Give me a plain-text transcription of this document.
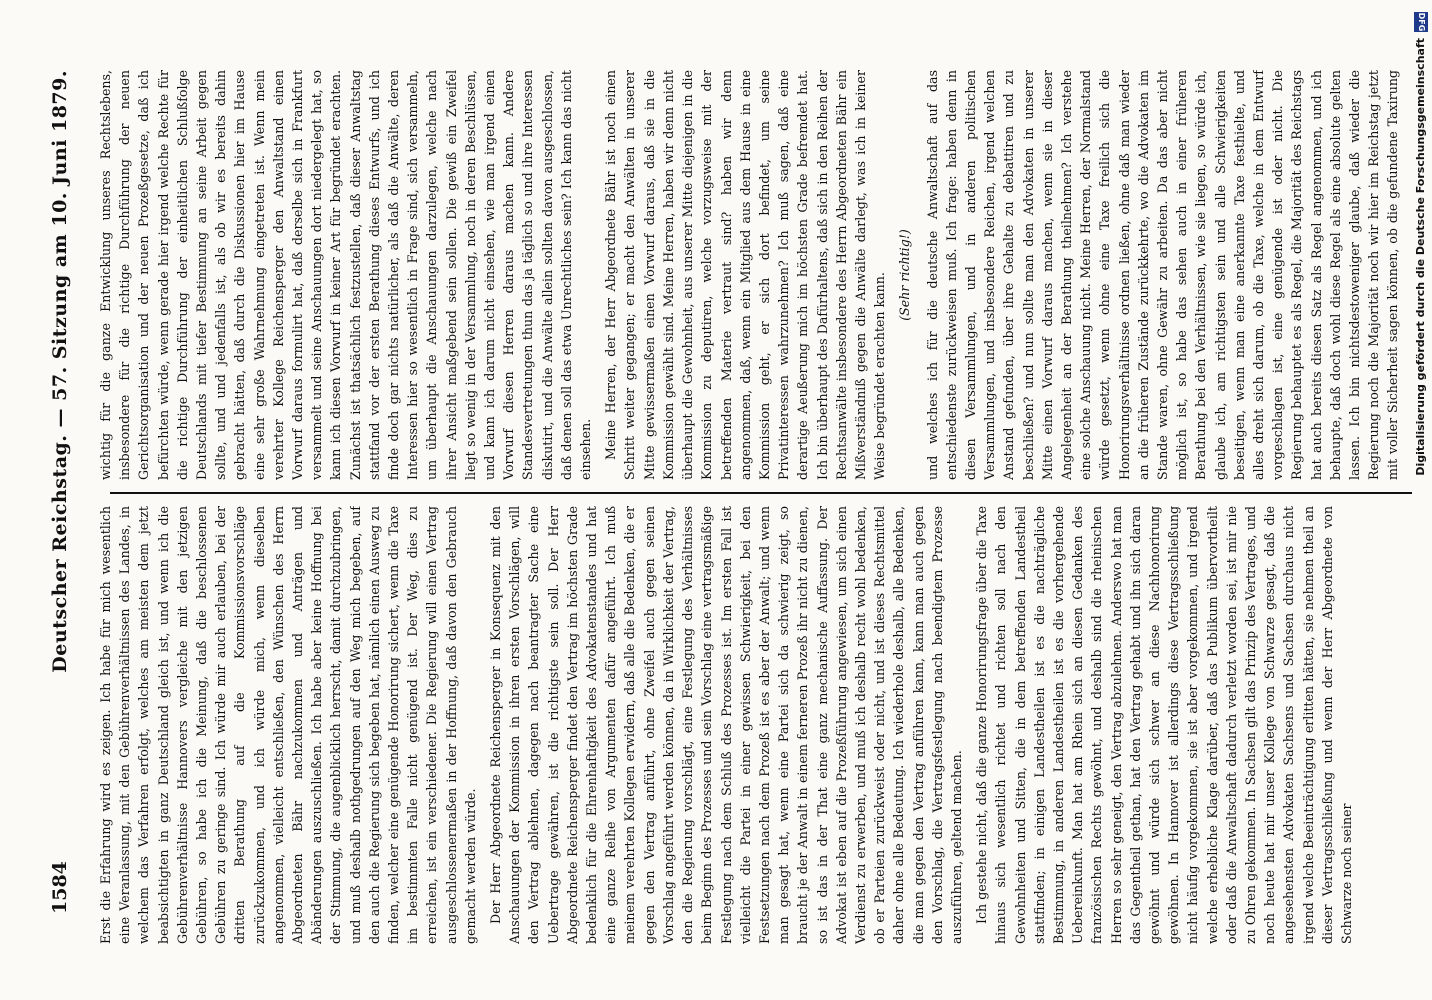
DFG
Digitalisierung gefördert durch die Deutsche Forschungsgemeinschaft

wichtig für die ganze Entwicklung unseres Rechtslebens, insbesondere für die richtige Durchführung der neuen Gerichtsorganisation und der neuen Prozeßgesetze, daß ich befürchten würde, wenn gerade hier irgend welche Rechte für die richtige Durchführung der einheitlichen Schlußfolge Deutschlands mit tiefer Bestimmung an seine Arbeit gegen sollte, und und jedenfalls ist, als ob wir es bereits dahin gebracht hätten, daß durch die Diskussionen hier im Hause eine sehr große Wahrnehmung eingetreten ist. Wenn mein verehrter Kollege Reichensperger den Anwaltstand einen Vorwurf daraus formulirt hat, daß derselbe sich in Frankfurt versammelt und seine Anschauungen dort niedergelegt hat, so kann ich diesen Vorwurf in keiner Art für begründet erachten. Zunächst ist thatsächlich festzustellen, daß dieser Anwaltstag stattfand vor der ersten Berathung dieses Entwurfs, und ich finde doch gar nichts natürlicher, als daß die Anwälte, deren Interessen hier so wesentlich in Frage sind, sich versammeln, um überhaupt die Anschauungen darzulegen, welche nach ihrer Ansicht maßgebend sein sollen. Die gewiß ein Zweifel liegt so wenig in der Versammlung, noch in deren Beschlüssen, und kann ich darum nicht einsehen, wie man irgend einen Vorwurf diesen Herren daraus machen kann. Andere Standesvertretungen thun das ja täglich so und ihre Interessen diskutirt, und die Anwälte allein sollten davon ausgeschlossen, daß denen soll das etwa Unrechtliches sein? Ich kann das nicht einsehen. Meine Herren, der Herr Abgeordnete Bähr ist noch einen Schritt weiter gegangen; er macht den Anwälten in unserer Mitte gewissermaßen einen Vorwurf daraus, daß sie in die Kommission gewählt sind. Meine Herren, haben wir denn nicht überhaupt die Gewohnheit, aus unserer Mitte diejenigen in die Kommission zu deputiren, welche vorzugsweise mit der betreffenden Materie vertraut sind? haben wir denn angenommen, daß, wenn ein Mitglied aus dem Hause in eine Kommission geht, er sich dort befindet, um seine Privatinteressen wahrzunehmen? Ich muß sagen, daß eine derartige Aeußerung mich im höchsten Grade befremdet hat. Ich bin überhaupt des Dafürhaltens, daß sich in den Reihen der Rechtsanwälte insbesondere des Herrn Abgeordneten Bähr ein Mißverständniß gegen die Anwälte darlegt, was ich in keiner Weise begründet erachten kann. (Sehr richtig!)

und welches ich für die deutsche Anwaltschaft auf das entschiedenste zurückweisen muß. Ich frage: haben denn in diesen Versammlungen, und in anderen politischen Versammlungen, und insbesondere Reichen, irgend welchen Anstand gefunden, über ihre Gehalte zu debattiren und zu beschließen? und nun sollte man den Advokaten in unserer Mitte einen Vorwurf daraus machen, wenn sie in dieser Angelegenheit an der Berathung theilnehmen? Ich verstehe eine solche Anschauung nicht. Meine Herren, der Normalstand würde gesetzt, wenn ohne eine Taxe freilich sich die Honorirungsverhältnisse ordnen ließen, ohne daß man wieder an die früheren Zustände zurückkehrte, wo die Advokaten im Stande waren, ohne Gewähr zu arbeiten. Da das aber nicht möglich ist, so habe das sehen auch in einer früheren Berathung bei den Verhältnissen, wie sie liegen, so würde ich, glaube ich, am richtigsten sein und alle Schwierigkeiten beseitigen, wenn man eine anerkannte Taxe festhielte, und alles dreht sich darum, ob die Taxe, welche in dem Entwurf vorgeschlagen ist, eine genügende ist oder nicht. Die Regierung behauptet es als Regel, die Majorität des Reichstags hat auch bereits diesen Satz als Regel angenommen, und ich behaupte, daß doch wohl diese Regel als eine absolute gelten lassen. Ich bin nichtsdestoweniger glaube, daß wieder die Regierung noch die Majorität noch wir hier im Reichstag jetzt mit voller Sicherheit sagen können, ob die gefundene Taxirung

Erst die Erfahrung wird es zeigen. Ich habe für mich wesentlich eine Veranlassung, mit den Gebührenverhältnissen des Landes, in welchem das Verfahren erfolgt, welches am meisten dem jetzt beabsichtigten in ganz Deutschland gleich ist, und wenn ich die Gebührenverhältnisse Hannovers vergleiche mit den jetzigen Gebühren, so habe ich die Meinung, daß die beschlossenen Gebühren zu geringe sind. Ich würde mir auch erlauben, bei der dritten Berathung auf die Kommissionsvorschläge zurückzukommen, und ich würde mich, wenn dieselben angenommen, vielleicht entschließen, den Wünschen des Herrn Abgeordneten Bähr nachzukommen und Anträgen und Abänderungen auszuschließen. Ich habe aber keine Hoffnung bei der Stimmung, die augenblicklich herrscht, damit durchzubringen, und muß deshalb nothgedrungen auf den Weg mich begeben, auf den auch die Regierung sich begeben hat, nämlich einen Ausweg zu finden, welcher eine genügende Honorirung sichert, wenn die Taxe im bestimmten Falle nicht genügend ist. Der Weg, dies zu erreichen, ist ein verschiedener. Die Regierung will einen Vertrag ausgeschlossenermaßen in der Hoffnung, daß davon den Gebrauch gemacht werden würde. Der Herr Abgeordnete Reichensperger in Konsequenz mit den Anschauungen der Kommission in ihren ersten Vorschlägen, will den Vertrag ablehnen, dagegen nach beantragter Sache eine Uebertrage gewähren, ist die richtigste sein soll. Der Herr Abgeordnete Reichensperger findet den Vertrag im höchsten Grade bedenklich für die Ehrenhaftigkeit des Advokatenstandes und hat eine ganze Reihe von Argumenten dafür angeführt. Ich muß meinem verehrten Kollegen erwidern, daß alle die Bedenken, die er gegen den Vertrag anführt, ohne Zweifel auch gegen seinen Vorschlag angeführt werden können, da in Wirklichkeit der Vertrag, den die Regierung vorschlägt, eine Festlegung des Verhältnisses beim Beginn des Prozesses und sein Vorschlag eine vertragsmäßige Festlegung nach dem Schluß des Prozesses ist. Im ersten Fall ist vielleicht die Partei in einer gewissen Schwierigkeit, bei den Festsetzungen nach dem Prozeß ist es aber der Anwalt; und wenn man gesagt hat, wenn eine Partei sich da schwierig zeigt, so braucht je der Anwalt in einem ferneren Prozeß ihr nicht zu dienen, so ist das in der That eine ganz mechanische Auffassung. Der Advokat ist eben auf die Prozeßführung angewiesen, um sich einen Verdienst zu erwerben, und muß ich deshalb recht wohl bedenken, ob er Parteien zurückweist oder nicht, und ist dieses Rechtsmittel daher ohne alle Bedeutung. Ich wiederhole deshalb, alle Bedenken, die man gegen den Vertrag anführen kann, kann man auch gegen den Vorschlag, die Vertragsfestlegung nach beendigtem Prozesse auszuführen, geltend machen. Ich gestehe nicht, daß die ganze Honorirungsfrage über die Taxe hinaus sich wesentlich richtet und richten soll nach den Gewohnheiten und Sitten, die in dem betreffenden Landestheil stattfinden; in einigen Landestheilen ist es die nachträgliche Bestimmung, in anderen Landestheilen ist es die vorhergehende Uebereinkunft. Man hat am Rhein sich an diesen Gedanken des französischen Rechts gewöhnt, und deshalb sind die rheinischen Herren so sehr geneigt, den Vertrag abzulehnen. Anderswo hat man das Gegentheil gethan, hat den Vertrag gehabt und ihn sich daran gewöhnt und würde sich schwer an diese Nachhonorirung gewöhnen. In Hannover ist allerdings diese Vertragsschließung nicht häufig vorgekommen, sie ist aber vorgekommen, und irgend welche erhebliche Klage darüber, daß das Publikum übervortheilt oder daß die Anwaltschaft dadurch verletzt worden sei, ist mir nie zu Ohren gekommen. In Sachsen gilt das Prinzip des Vertrages, und noch heute hat mir unser Kollege von Schwarze gesagt, daß die angesehensten Advokaten Sachsens und Sachsen durchaus nicht irgend welche Beeinträchtigung erlitten hätten, sie nehmen theil an dieser Vertragsschließung und wenn der Herr Abgeordnete von Schwarze noch seiner

1584
Deutscher Reichstag. — 57. Sitzung am 10. Juni 1879.
